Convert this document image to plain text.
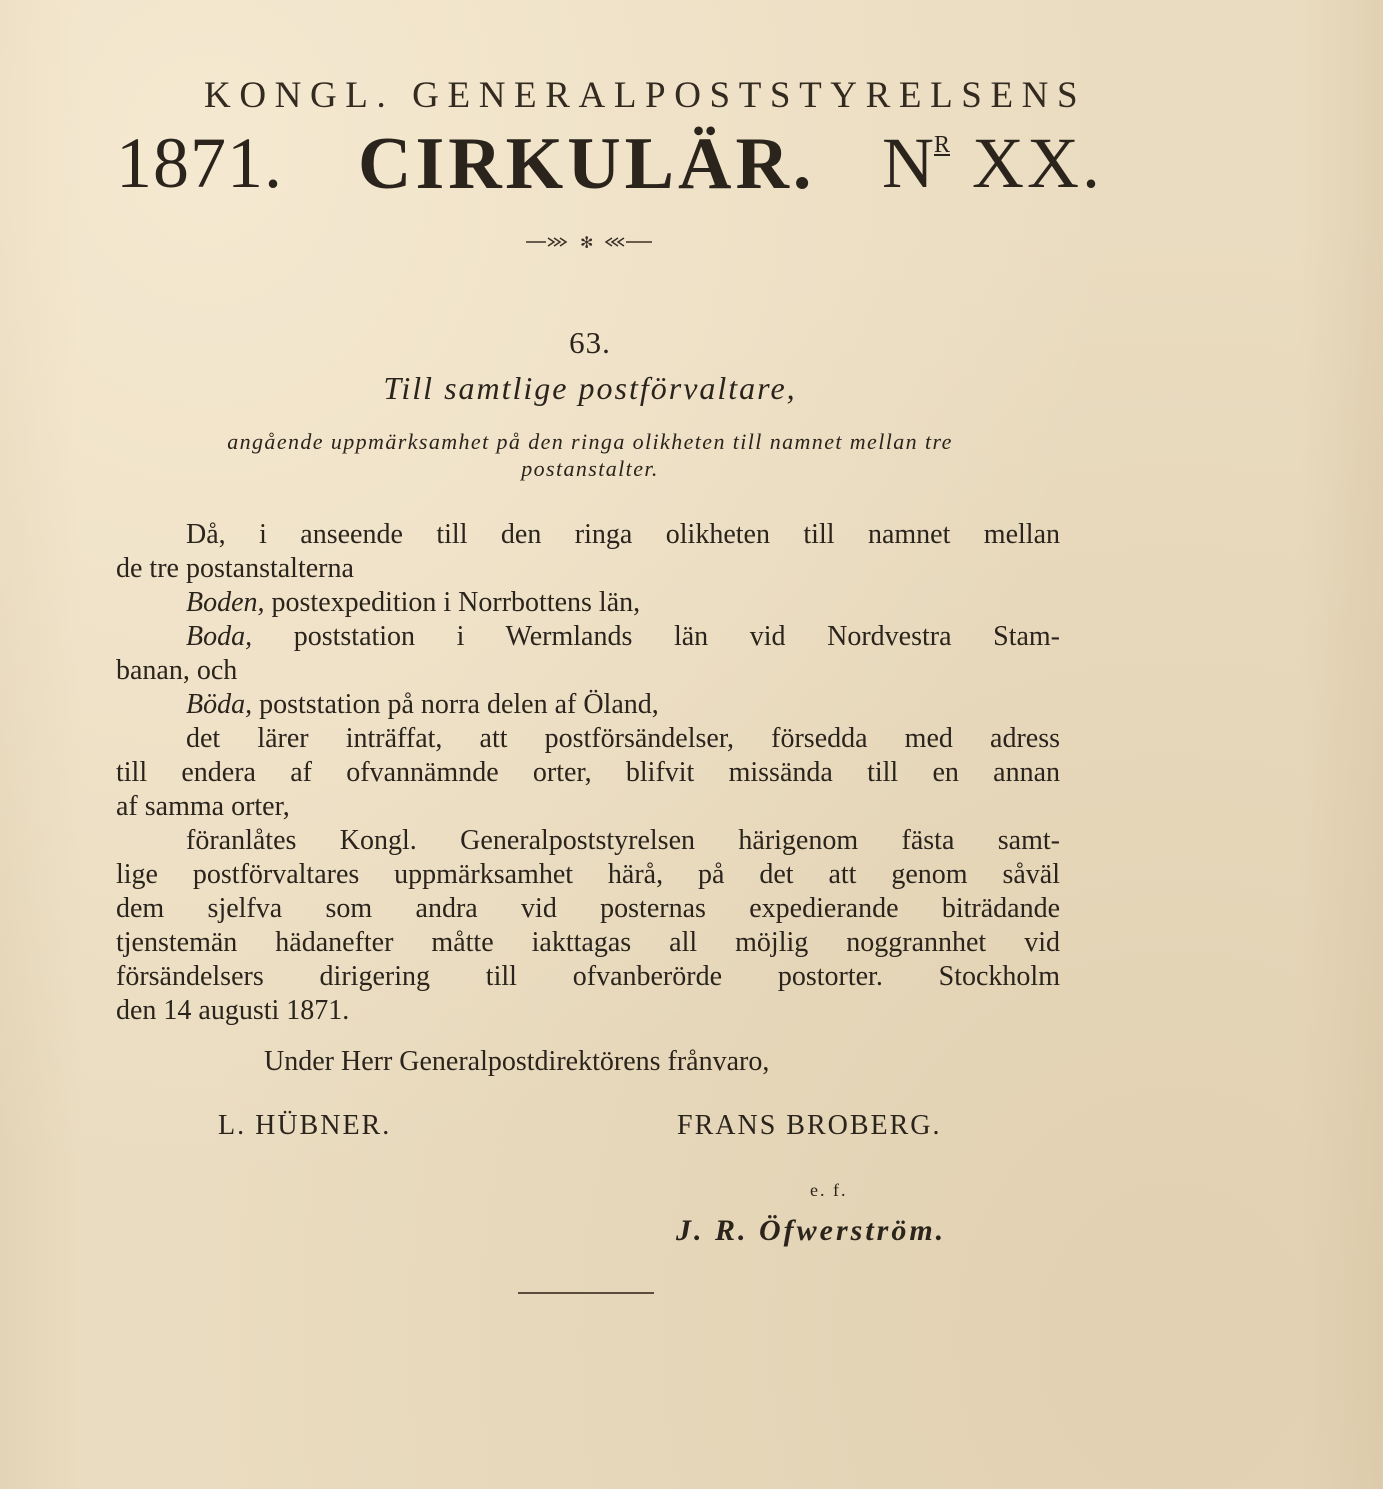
KONGL. GENERALPOSTSTYRELSENS
1871. CIRKULÄR. $N^R$ XX.
✻
63.
Till samtlige postförvaltare,
angående uppmärksamhet på den ringa olikheten till namnet mellan tre postanstalter.
Då, i anseende till den ringa olikheten till namnet mellan
de tre postanstalterna
Boden, postexpedition i Norrbottens län,
Boda, poststation i Wermlands län vid Nordvestra Stam-
banan, och
Böda, poststation på norra delen af Öland,
det lärer inträffat, att postförsändelser, försedda med adress
till endera af ofvannämnde orter, blifvit missända till en annan
af samma orter,
föranlåtes Kongl. Generalpoststyrelsen härigenom fästa samt-
lige postförvaltares uppmärksamhet härå, på det att genom såväl
dem sjelfva som andra vid posternas expedierande biträdande
tjenstemän hädanefter måtte iakttagas all möjlig noggrannhet vid
försändelsers dirigering till ofvanberörde postorter. Stockholm
den 14 augusti 1871.
Under Herr Generalpostdirektörens frånvaro,
L. HÜBNER.	FRANS BROBERG.
e. f.
J. R. Öfwerström.
